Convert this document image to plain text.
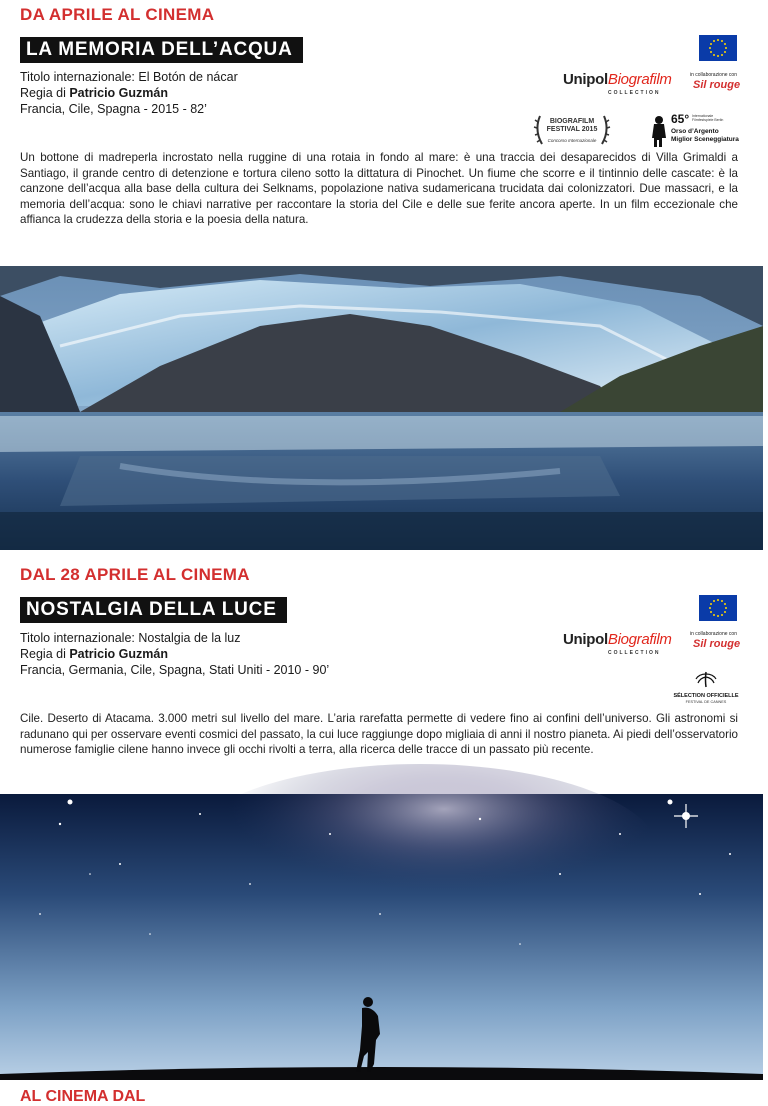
DA APRILE AL CINEMA
LA MEMORIA DELL’ACQUA
Titolo internazionale: El Botón de nácar
Regia di Patricio Guzmán
Francia, Cile, Spagna - 2015 - 82’
UnipolBiografilm
COLLECTION
in collaborazione con
Sil rouge
BIOGRAFILM FESTIVAL 2015
Concorso Internazionale
65° Internationale Filmfestspiele Berlin
Orso d’Argento
Miglior Sceneggiatura
Un bottone di madreperla incrostato nella ruggine di una rotaia in fondo al mare: è una traccia dei desaparecidos di Villa Grimaldi a Santiago, il grande centro di detenzione e tortura cileno sotto la dittatura di Pinochet. Un fiume che scorre e il tintinnio delle cascate: è la canzone dell’acqua alla base della cultura dei Selknams, popolazione nativa sudamericana trucidata dai colonizzatori. Due massacri, e la memoria dell’acqua: sono le chiavi narrative per raccontare la storia del Cile e delle sue ferite ancora aperte. In un film eccezionale che affianca la crudezza della storia e la poesia della natura.
DAL 28 APRILE AL CINEMA
NOSTALGIA DELLA LUCE
Titolo internazionale: Nostalgia de la luz
Regia di Patricio Guzmán
Francia, Germania, Cile, Spagna, Stati Uniti - 2010 - 90’
UnipolBiografilm
COLLECTION
in collaborazione con
Sil rouge
SÉLECTION OFFICIELLE
FESTIVAL DE CANNES
Cile. Deserto di Atacama. 3.000 metri sul livello del mare. L’aria rarefatta permette di vedere fino ai confini dell’universo. Gli astronomi si radunano qui per osservare eventi cosmici del passato, la cui luce raggiunge dopo migliaia di anni il nostro pianeta. Ai piedi dell’osservatorio numerose famiglie cilene hanno invece gli occhi rivolti a terra, alla ricerca delle tracce di un passato più recente.
AL CINEMA DAL
